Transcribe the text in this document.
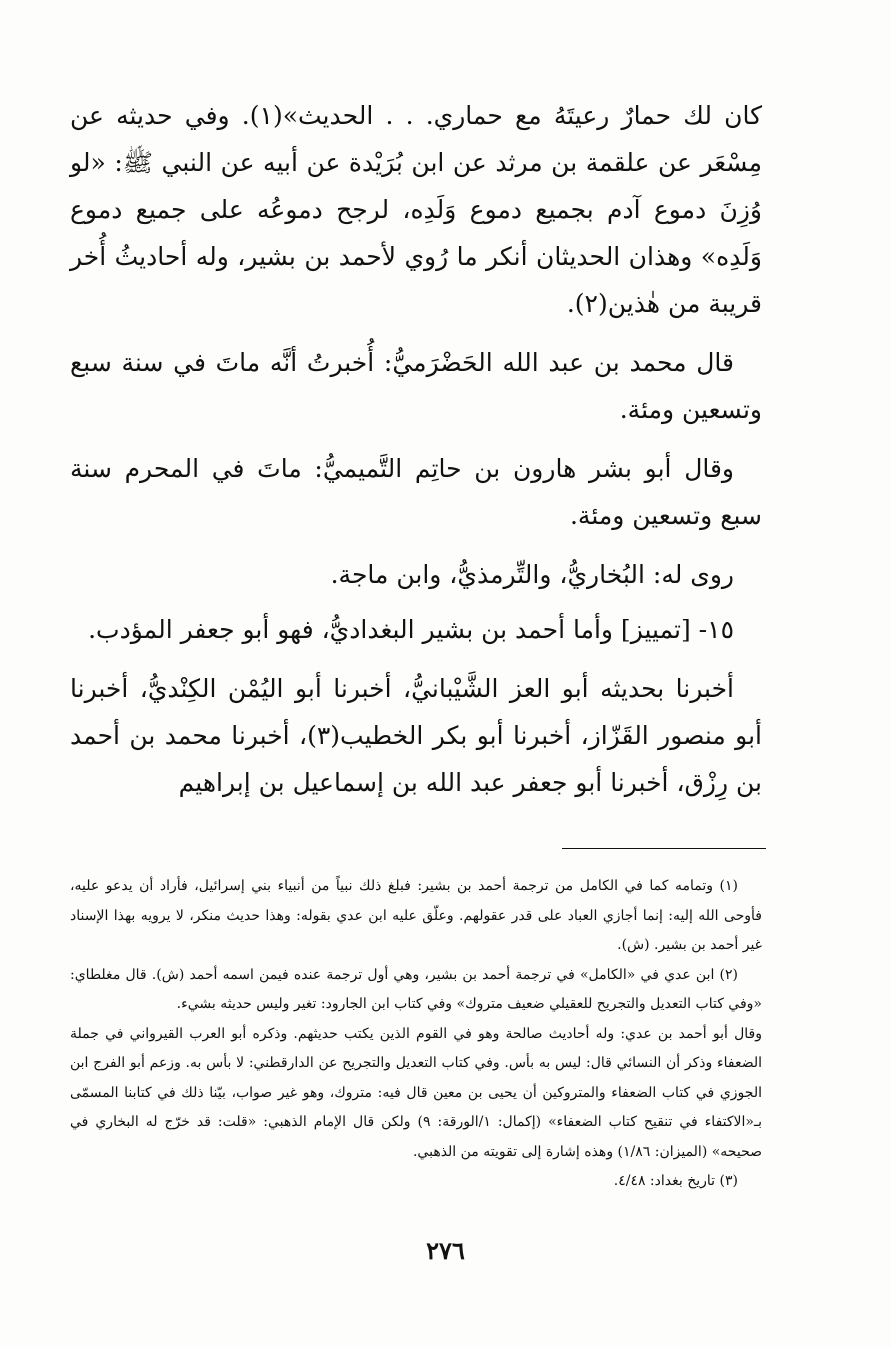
كان لك حمارٌ رعيتَهُ مع حماري. . . الحديث»(١). وفي حديثه عن مِسْعَر عن علقمة بن مرثد عن ابن بُرَيْدة عن أبيه عن النبي ﷺ: «لو وُزِنَ دموع آدم بجميع دموع وَلَدِه، لرجح دموعُه على جميع دموع وَلَدِه» وهذان الحديثان أنكر ما رُوي لأحمد بن بشير، وله أحاديثُ أُخر قريبة من هٰذين(٢).

قال محمد بن عبد الله الحَضْرَميُّ: أُخبرتُ أنَّه ماتَ في سنة سبع وتسعين ومئة.

وقال أبو بشر هارون بن حاتِم التَّميميُّ: ماتَ في المحرم سنة سبع وتسعين ومئة.

روى له: البُخاريُّ، والتِّرمذيُّ، وابن ماجة.

١٥- [تمييز] وأما أحمد بن بشير البغداديُّ، فهو أبو جعفر المؤدب.

أخبرنا بحديثه أبو العز الشَّيْبانيُّ، أخبرنا أبو اليُمْن الكِنْديُّ، أخبرنا أبو منصور القَزّاز، أخبرنا أبو بكر الخطيب(٣)، أخبرنا محمد بن أحمد بن رِزْق، أخبرنا أبو جعفر عبد الله بن إسماعيل بن إبراهيم

(١) وتمامه كما في الكامل من ترجمة أحمد بن بشير: فبلغ ذلك نبياً من أنبياء بني إسرائيل، فأراد أن يدعو عليه، فأوحى الله إليه: إنما أجازي العباد على قدر عقولهم. وعلّق عليه ابن عدي بقوله: وهذا حديث منكر، لا يرويه بهذا الإسناد غير أحمد بن بشير. (ش).

(٢) ابن عدي في «الكامل» في ترجمة أحمد بن بشير، وهي أول ترجمة عنده فيمن اسمه أحمد (ش). قال مغلطاي: «وفي كتاب التعديل والتجريح للعقيلي ضعيف متروك» وفي كتاب ابن الجارود: تغير وليس حديثه بشيء.

وقال أبو أحمد بن عدي: وله أحاديث صالحة وهو في القوم الذين يكتب حديثهم. وذكره أبو العرب القيرواني في جملة الضعفاء وذكر أن النسائي قال: ليس به بأس. وفي كتاب التعديل والتجريح عن الدارقطني: لا بأس به. وزعم أبو الفرج ابن الجوزي في كتاب الضعفاء والمتروكين أن يحيى بن معين قال فيه: متروك، وهو غير صواب، بيّنا ذلك في كتابنا المسمّى بـ«الاكتفاء في تنقيح كتاب الضعفاء» (إكمال: ١/الورقة: ٩) ولكن قال الإمام الذهبي: «قلت: قد خرّج له البخاري في صحيحه» (الميزان: ١/٨٦) وهذه إشارة إلى تقويته من الذهبي.

(٣) تاريخ بغداد: ٤/٤٨.

٢٧٦
